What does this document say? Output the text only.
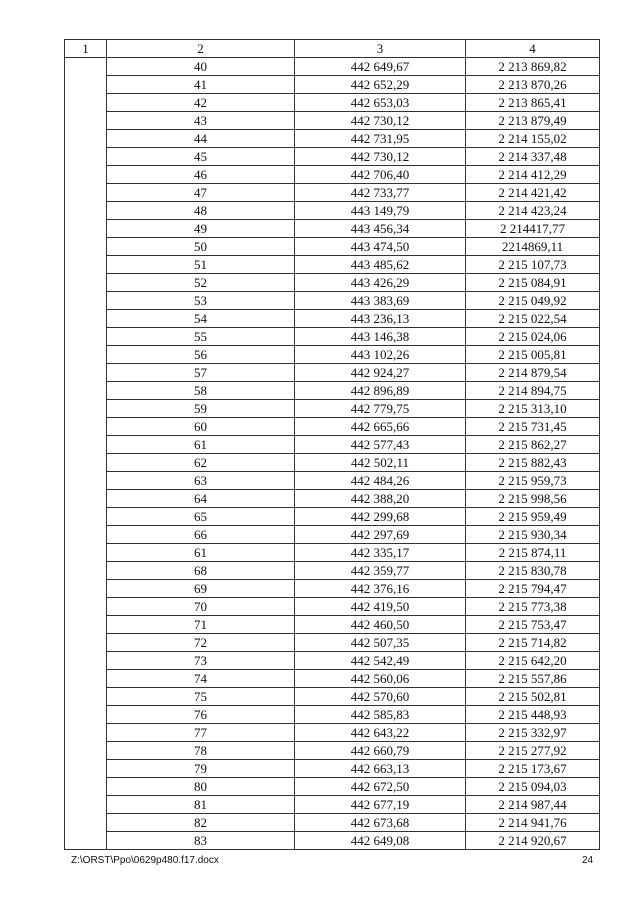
1	2	3	4
	40	442 649,67	2 213 869,82
	41	442 652,29	2 213 870,26
	42	442 653,03	2 213 865,41
	43	442 730,12	2 213 879,49
	44	442 731,95	2 214 155,02
	45	442 730,12	2 214 337,48
	46	442 706,40	2 214 412,29
	47	442 733,77	2 214 421,42
	48	443 149,79	2 214 423,24
	49	443 456,34	2 214417,77
	50	443 474,50	2214869,11
	51	443 485,62	2 215 107,73
	52	443 426,29	2 215 084,91
	53	443 383,69	2 215 049,92
	54	443 236,13	2 215 022,54
	55	443 146,38	2 215 024,06
	56	443 102,26	2 215 005,81
	57	442 924,27	2 214 879,54
	58	442 896,89	2 214 894,75
	59	442 779,75	2 215 313,10
	60	442 665,66	2 215 731,45
	61	442 577,43	2 215 862,27
	62	442 502,11	2 215 882,43
	63	442 484,26	2 215 959,73
	64	442 388,20	2 215 998,56
	65	442 299,68	2 215 959,49
	66	442 297,69	2 215 930,34
	61	442 335,17	2 215 874,11
	68	442 359,77	2 215 830,78
	69	442 376,16	2 215 794,47
	70	442 419,50	2 215 773,38
	71	442 460,50	2 215 753,47
	72	442 507,35	2 215 714,82
	73	442 542,49	2 215 642,20
	74	442 560,06	2 215 557,86
	75	442 570,60	2 215 502,81
	76	442 585,83	2 215 448,93
	77	442 643,22	2 215 332,97
	78	442 660,79	2 215 277,92
	79	442 663,13	2 215 173,67
	80	442 672,50	2 215 094,03
	81	442 677,19	2 214 987,44
	82	442 673,68	2 214 941,76
	83	442 649,08	2 214 920,67
Z:\ORST\Ppo\0629p480.f17.docx	24
